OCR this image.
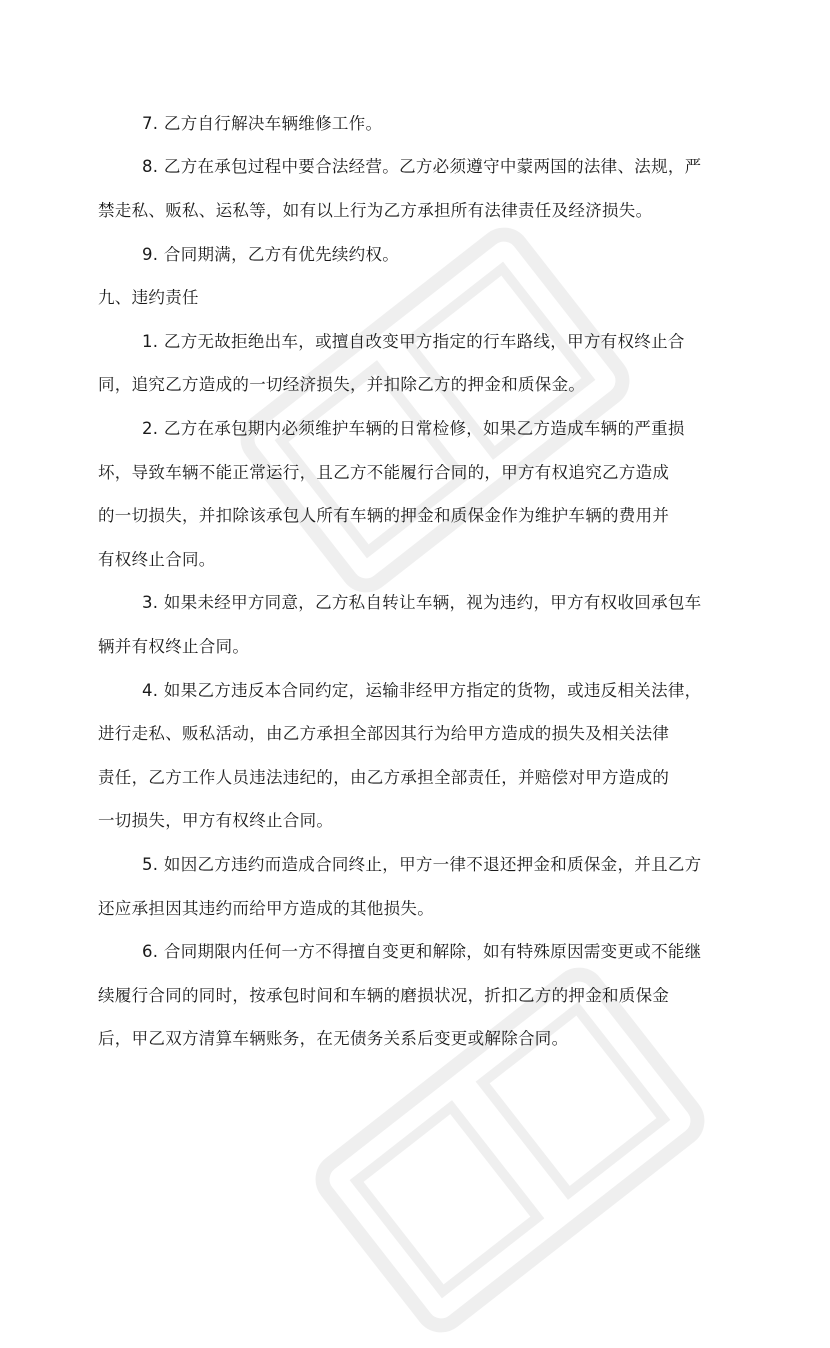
7. 乙方自行解决车辆维修工作。
8. 乙方在承包过程中要合法经营。乙方必须遵守中蒙两国的法律、法规，严
禁走私、贩私、运私等，如有以上行为乙方承担所有法律责任及经济损失。
9. 合同期满，乙方有优先续约权。
九、违约责任
1. 乙方无故拒绝出车，或擅自改变甲方指定的行车路线，甲方有权终止合
同，追究乙方造成的一切经济损失，并扣除乙方的押金和质保金。
2. 乙方在承包期内必须维护车辆的日常检修，如果乙方造成车辆的严重损
坏，导致车辆不能正常运行，且乙方不能履行合同的，甲方有权追究乙方造成
的一切损失，并扣除该承包人所有车辆的押金和质保金作为维护车辆的费用并
有权终止合同。
3. 如果未经甲方同意，乙方私自转让车辆，视为违约，甲方有权收回承包车
辆并有权终止合同。
4. 如果乙方违反本合同约定，运输非经甲方指定的货物，或违反相关法律，
进行走私、贩私活动，由乙方承担全部因其行为给甲方造成的损失及相关法律
责任，乙方工作人员违法违纪的，由乙方承担全部责任，并赔偿对甲方造成的
一切损失，甲方有权终止合同。
5. 如因乙方违约而造成合同终止，甲方一律不退还押金和质保金，并且乙方
还应承担因其违约而给甲方造成的其他损失。
6. 合同期限内任何一方不得擅自变更和解除，如有特殊原因需变更或不能继
续履行合同的同时，按承包时间和车辆的磨损状况，折扣乙方的押金和质保金
后，甲乙双方清算车辆账务，在无债务关系后变更或解除合同。
